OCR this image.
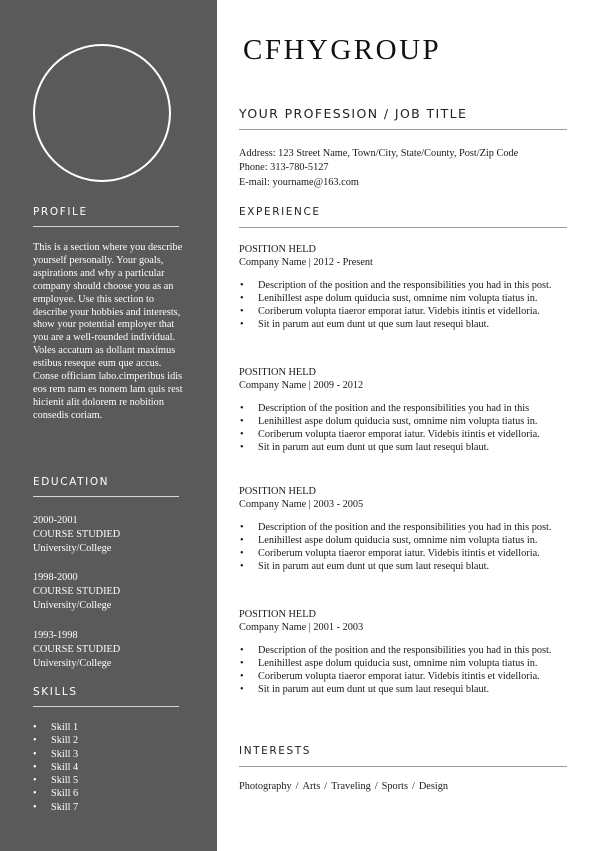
PROFILE
This is a section where you describe yourself personally. Your goals, aspirations and why a particular company should choose you as an employee. Use this section to describe your hobbies and interests, show your potential employer that you are a well-rounded individual. Voles accatum as dollant maximus estibus reseque eum que accus. Conse officiam labo.cimperibus idis eos rem nam es nonem lam quis rest hicienit alit dolorem re nobition consedis coriam.
EDUCATION
2000-2001
COURSE STUDIED
University/College
1998-2000
COURSE STUDIED
University/College
1993-1998
COURSE STUDIED
University/College
SKILLS
• Skill 1
• Skill 2
• Skill 3
• Skill 4
• Skill 5
• Skill 6
• Skill 7
CFHYGROUP
YOUR PROFESSION / JOB TITLE
Address: 123 Street Name, Town/City, State/County, Post/Zip Code
Phone: 313-780-5127
E-mail: yourname@163.com
EXPERIENCE
POSITION HELD
Company Name | 2012 - Present
• Description of the position and the responsibilities you had in this post.
• Lenihillest aspe dolum quiducia sust, omnime nim volupta tiatus in.
• Coriberum volupta tiaeror emporat iatur. Videbis itintis et videlloria.
• Sit in parum aut eum dunt ut que sum laut resequi blaut.
POSITION HELD
Company Name | 2009 - 2012
• Description of the position and the responsibilities you had in this
• Lenihillest aspe dolum quiducia sust, omnime nim volupta tiatus in.
• Coriberum volupta tiaeror emporat iatur. Videbis itintis et videlloria.
• Sit in parum aut eum dunt ut que sum laut resequi blaut.
POSITION HELD
Company Name | 2003 - 2005
• Description of the position and the responsibilities you had in this post.
• Lenihillest aspe dolum quiducia sust, omnime nim volupta tiatus in.
• Coriberum volupta tiaeror emporat iatur. Videbis itintis et videlloria.
• Sit in parum aut eum dunt ut que sum laut resequi blaut.
POSITION HELD
Company Name | 2001 - 2003
• Description of the position and the responsibilities you had in this post.
• Lenihillest aspe dolum quiducia sust, omnime nim volupta tiatus in.
• Coriberum volupta tiaeror emporat iatur. Videbis itintis et videlloria.
• Sit in parum aut eum dunt ut que sum laut resequi blaut.
INTERESTS
Photography / Arts / Traveling / Sports / Design
